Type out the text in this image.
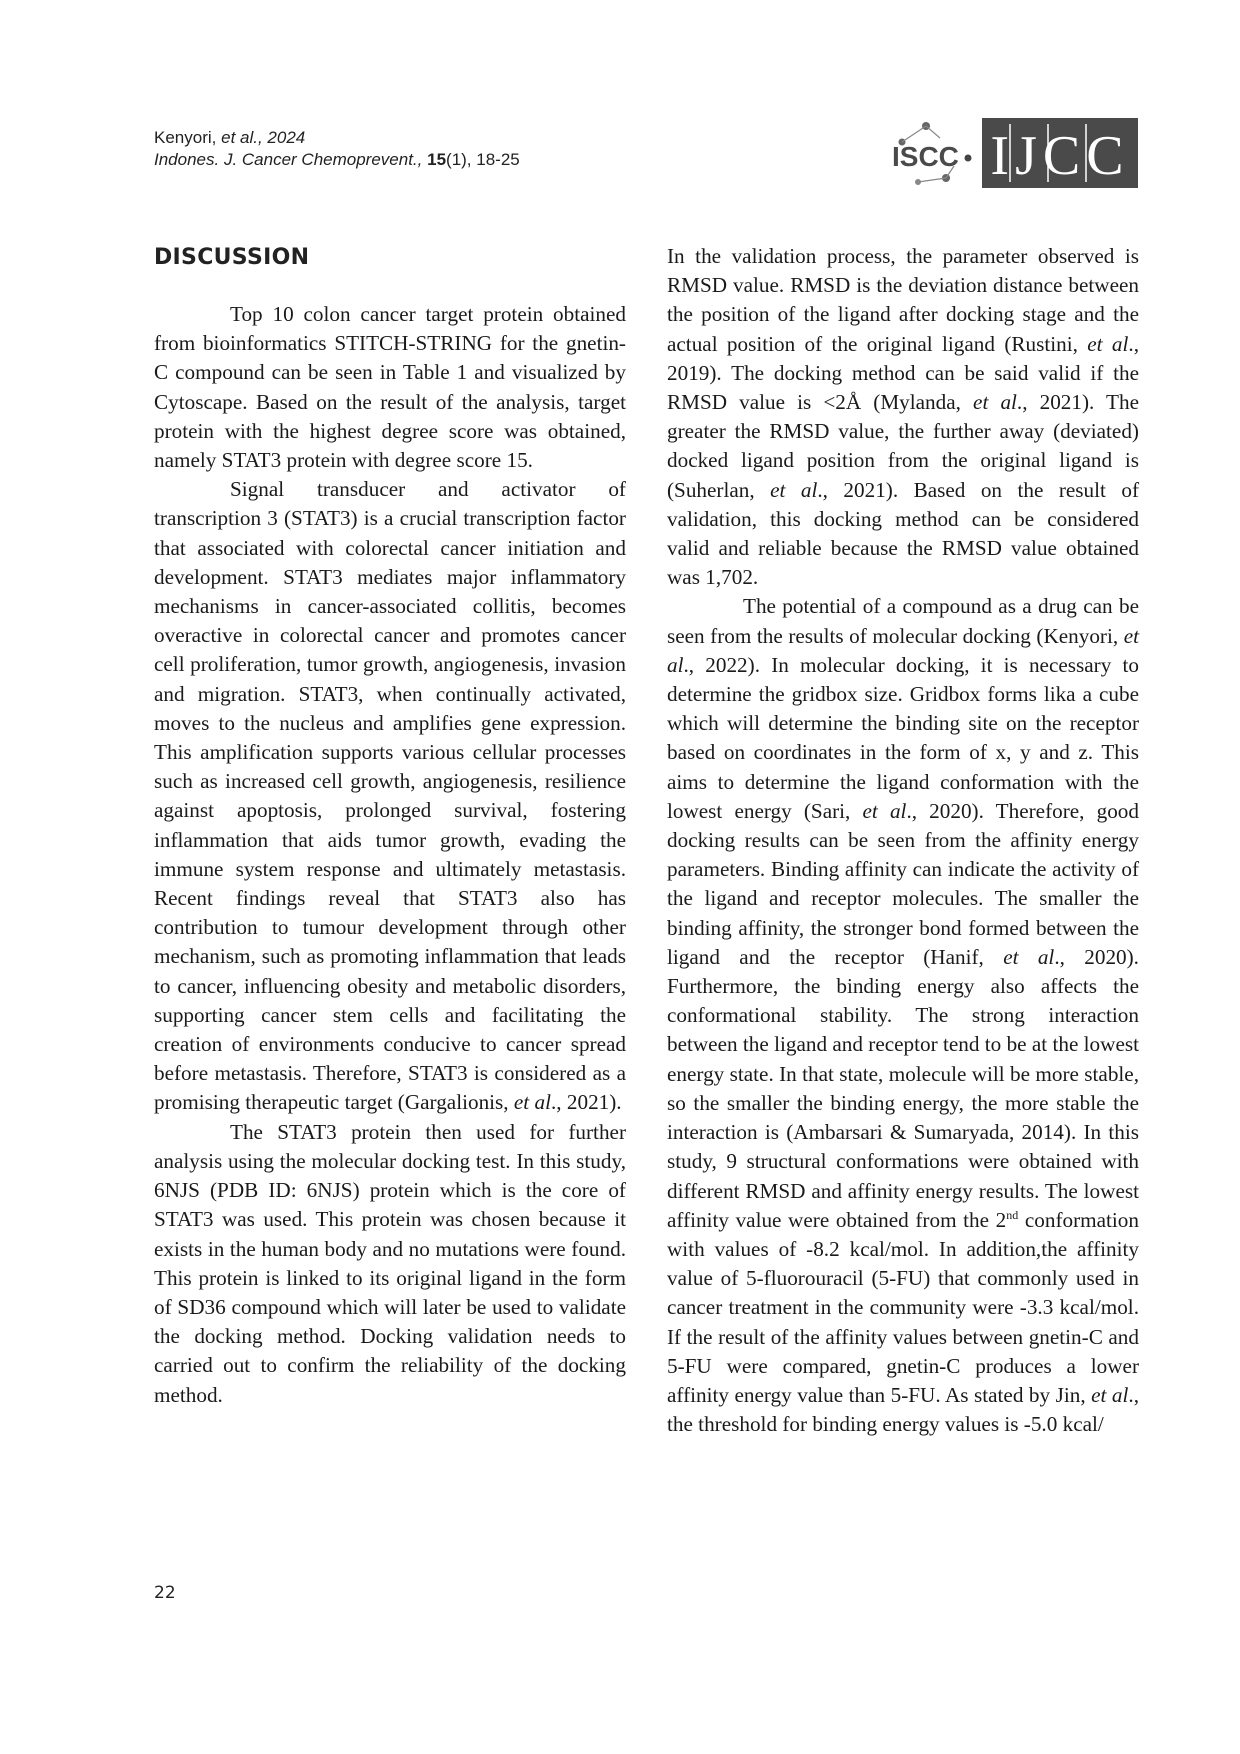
Kenyori, et al., 2024
Indones. J. Cancer Chemoprevent., 15(1), 18-25	ISCC IJCC
DISCUSSION

Top 10 colon cancer target protein obtained from bioinformatics STITCH-STRING for the gnetin-C compound can be seen in Table 1 and visualized by Cytoscape. Based on the result of the analysis, target protein with the highest degree score was obtained, namely STAT3 protein with degree score 15.

Signal transducer and activator of transcription 3 (STAT3) is a crucial transcription factor that associated with colorectal cancer initiation and development. STAT3 mediates major inflammatory mechanisms in cancer-associated collitis, becomes overactive in colorectal cancer and promotes cancer cell proliferation, tumor growth, angiogenesis, invasion and migration. STAT3, when continually activated, moves to the nucleus and amplifies gene expression. This amplification supports various cellular processes such as increased cell growth, angiogenesis, resilience against apoptosis, prolonged survival, fostering inflammation that aids tumor growth, evading the immune system response and ultimately metastasis. Recent findings reveal that STAT3 also has contribution to tumour development through other mechanism, such as promoting inflammation that leads to cancer, influencing obesity and metabolic disorders, supporting cancer stem cells and facilitating the creation of environments conducive to cancer spread before metastasis. Therefore, STAT3 is considered as a promising therapeutic target (Gargalionis, et al., 2021).

The STAT3 protein then used for further analysis using the molecular docking test. In this study, 6NJS (PDB ID: 6NJS) protein which is the core of STAT3 was used. This protein was chosen because it exists in the human body and no mutations were found. This protein is linked to its original ligand in the form of SD36 compound which will later be used to validate the docking method. Docking validation needs to carried out to confirm the reliability of the docking method.

In the validation process, the parameter observed is RMSD value. RMSD is the deviation distance between the position of the ligand after docking stage and the actual position of the original ligand (Rustini, et al., 2019). The docking method can be said valid if the RMSD value is <2Å (Mylanda, et al., 2021). The greater the RMSD value, the further away (deviated) docked ligand position from the original ligand is (Suherlan, et al., 2021). Based on the result of validation, this docking method can be considered valid and reliable because the RMSD value obtained was 1,702.

The potential of a compound as a drug can be seen from the results of molecular docking (Kenyori, et al., 2022). In molecular docking, it is necessary to determine the gridbox size. Gridbox forms lika a cube which will determine the binding site on the receptor based on coordinates in the form of x, y and z. This aims to determine the ligand conformation with the lowest energy (Sari, et al., 2020). Therefore, good docking results can be seen from the affinity energy parameters. Binding affinity can indicate the activity of the ligand and receptor molecules. The smaller the binding affinity, the stronger bond formed between the ligand and the receptor (Hanif, et al., 2020). Furthermore, the binding energy also affects the conformational stability. The strong interaction between the ligand and receptor tend to be at the lowest energy state. In that state, molecule will be more stable, so the smaller the binding energy, the more stable the interaction is (Ambarsari & Sumaryada, 2014). In this study, 9 structural conformations were obtained with different RMSD and affinity energy results. The lowest affinity value were obtained from the 2nd conformation with values of -8.2 kcal/mol. In addition,the affinity value of 5-fluorouracil (5-FU) that commonly used in cancer treatment in the community were -3.3 kcal/mol. If the result of the affinity values between gnetin-C and 5-FU were compared, gnetin-C produces a lower affinity energy value than 5-FU. As stated by Jin, et al., the threshold for binding energy values is -5.0 kcal/

22
